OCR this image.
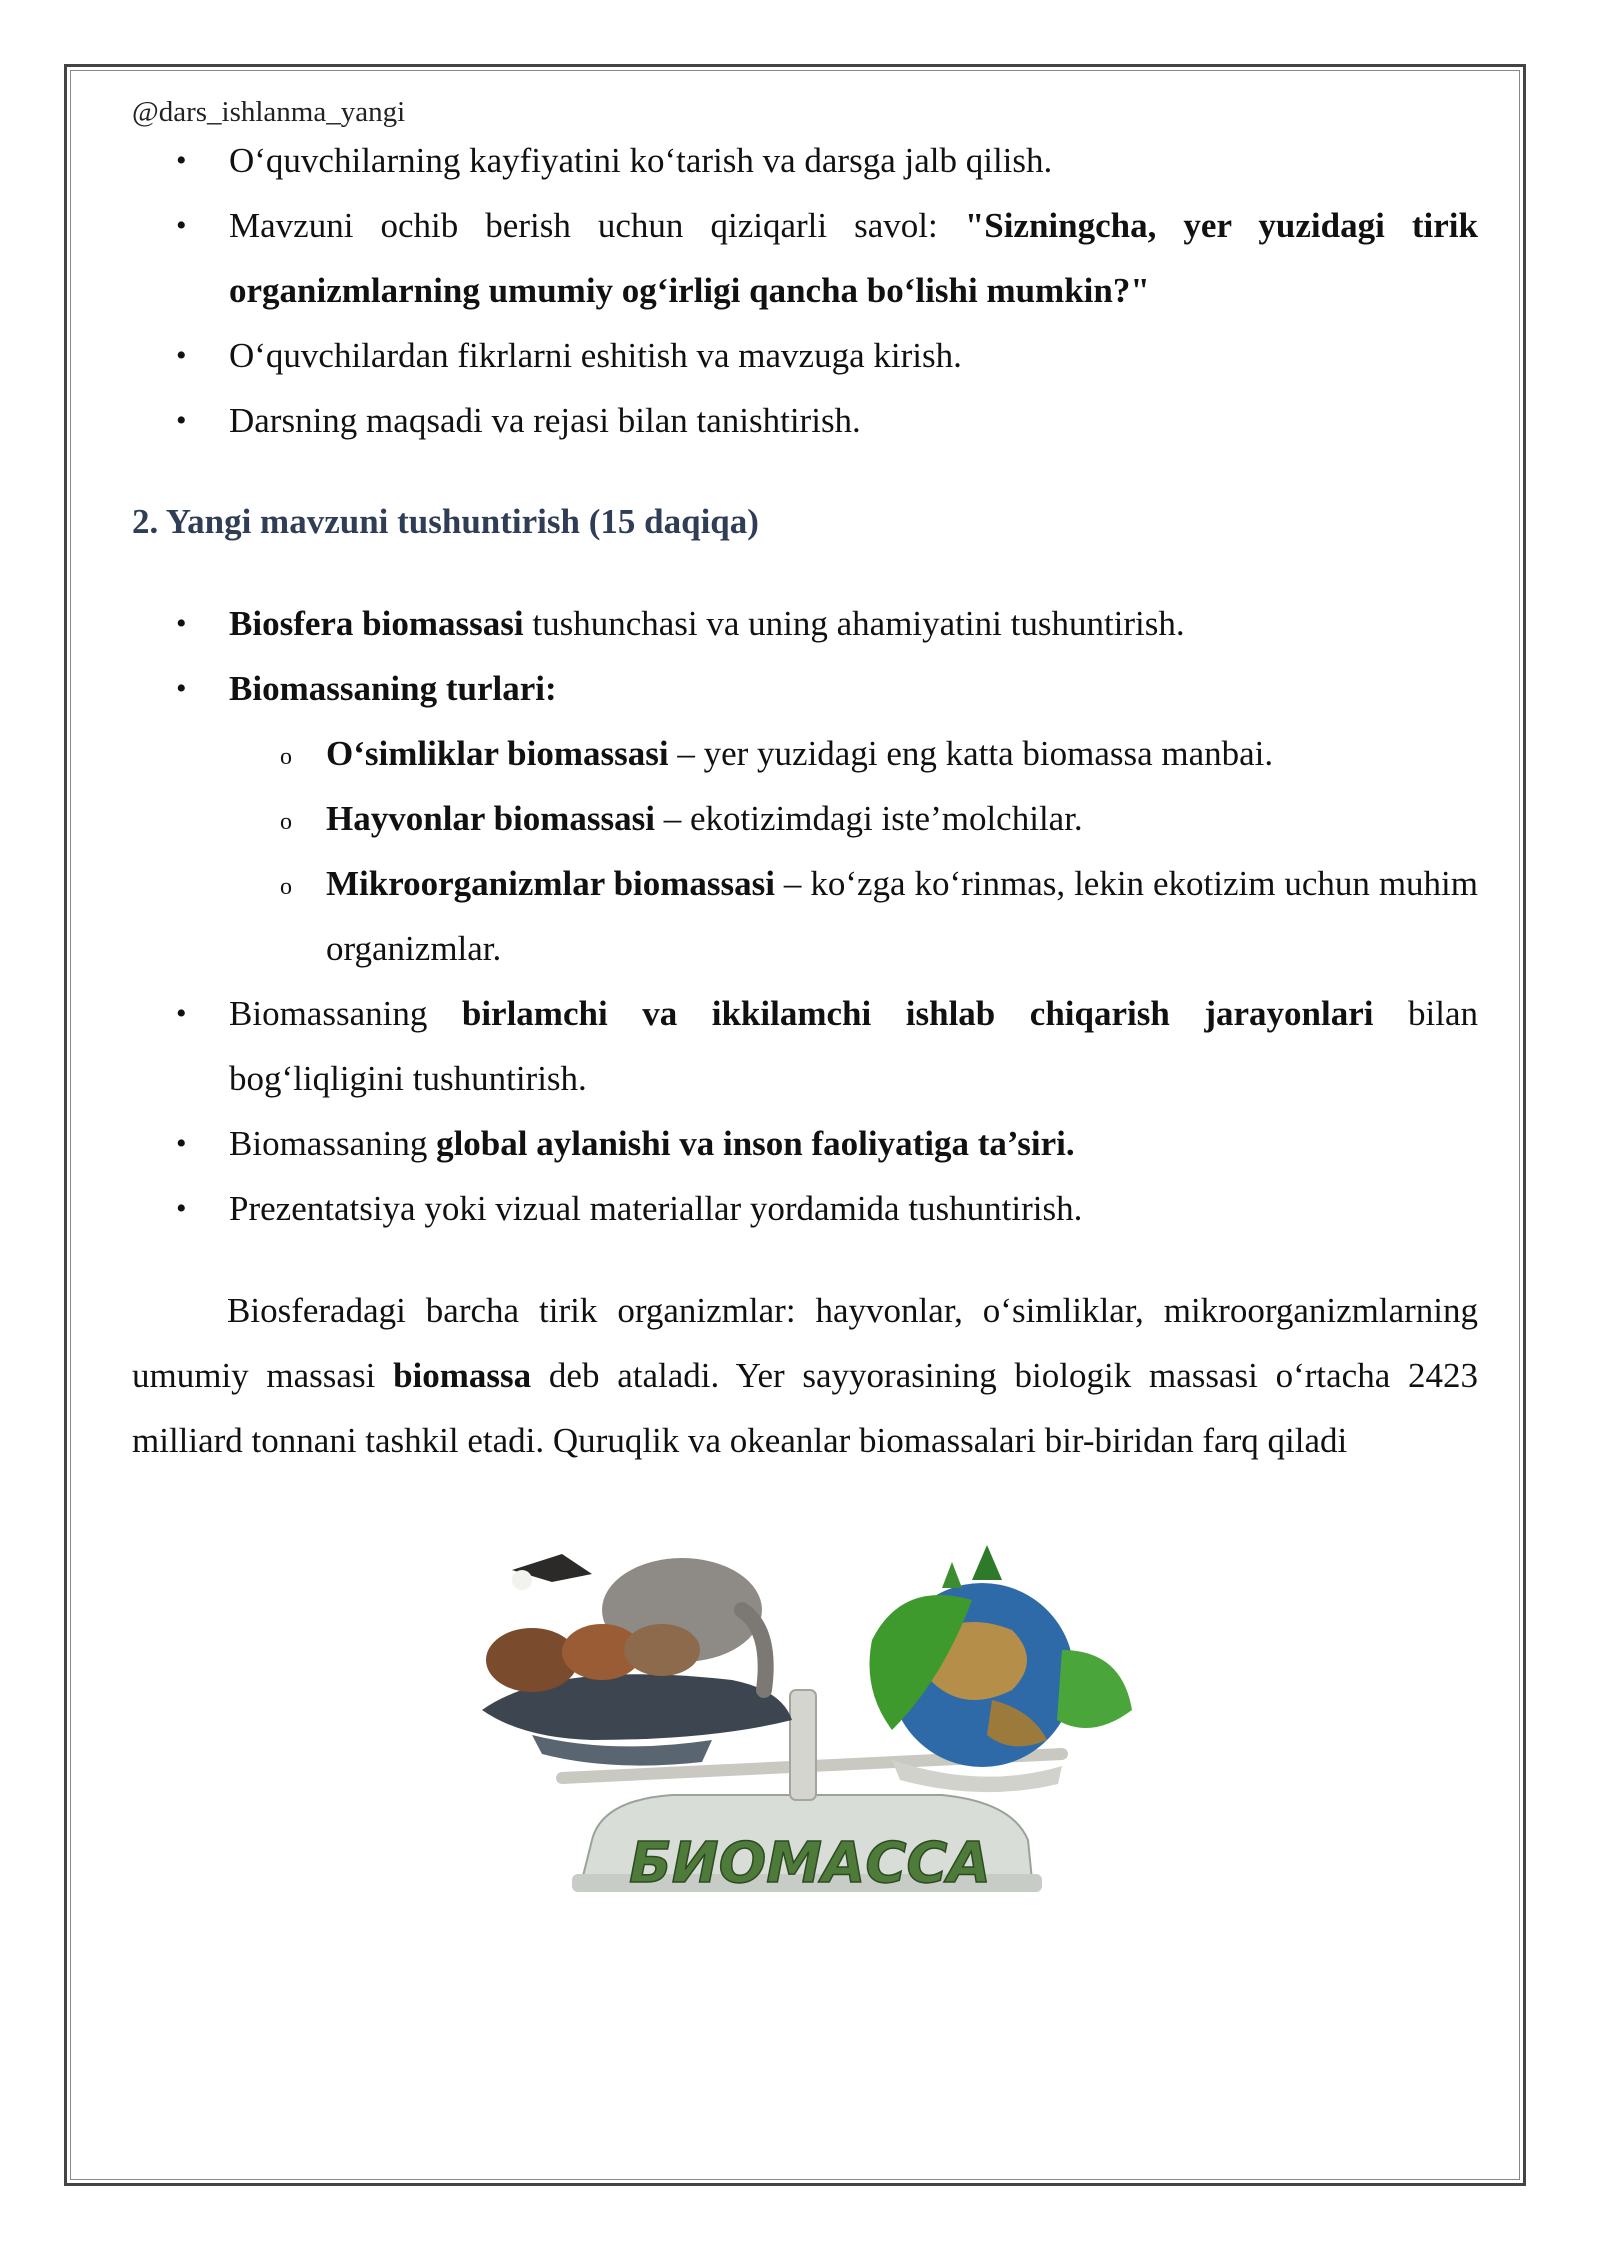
@dars_ishlanma_yangi
• O‘quvchilarning kayfiyatini ko‘tarish va darsga jalb qilish.
• Mavzuni ochib berish uchun qiziqarli savol: "Sizningcha, yer yuzidagi tirik organizmlarning umumiy og‘irligi qancha bo‘lishi mumkin?"
• O‘quvchilardan fikrlarni eshitish va mavzuga kirish.
• Darsning maqsadi va rejasi bilan tanishtirish.
2. Yangi mavzuni tushuntirish (15 daqiqa)
• Biosfera biomassasi tushunchasi va uning ahamiyatini tushuntirish.
• Biomassaning turlari:
o O‘simliklar biomassasi – yer yuzidagi eng katta biomassa manbai.
o Hayvonlar biomassasi – ekotizimdagi iste’molchilar.
o Mikroorganizmlar biomassasi – ko‘zga ko‘rinmas, lekin ekotizim uchun muhim organizmlar.
• Biomassaning birlamchi va ikkilamchi ishlab chiqarish jarayonlari bilan bog‘liqligini tushuntirish.
• Biomassaning global aylanishi va inson faoliyatiga ta’siri.
• Prezentatsiya yoki vizual materiallar yordamida tushuntirish.
Biosferadagi barcha tirik organizmlar: hayvonlar, o‘simliklar, mikroorganizmlarning umumiy massasi biomassa deb ataladi. Yer sayyorasining biologik massasi o‘rtacha 2423 milliard tonnani tashkil etadi. Quruqlik va okeanlar biomassalari bir-biridan farq qiladi
БИОМАССА
